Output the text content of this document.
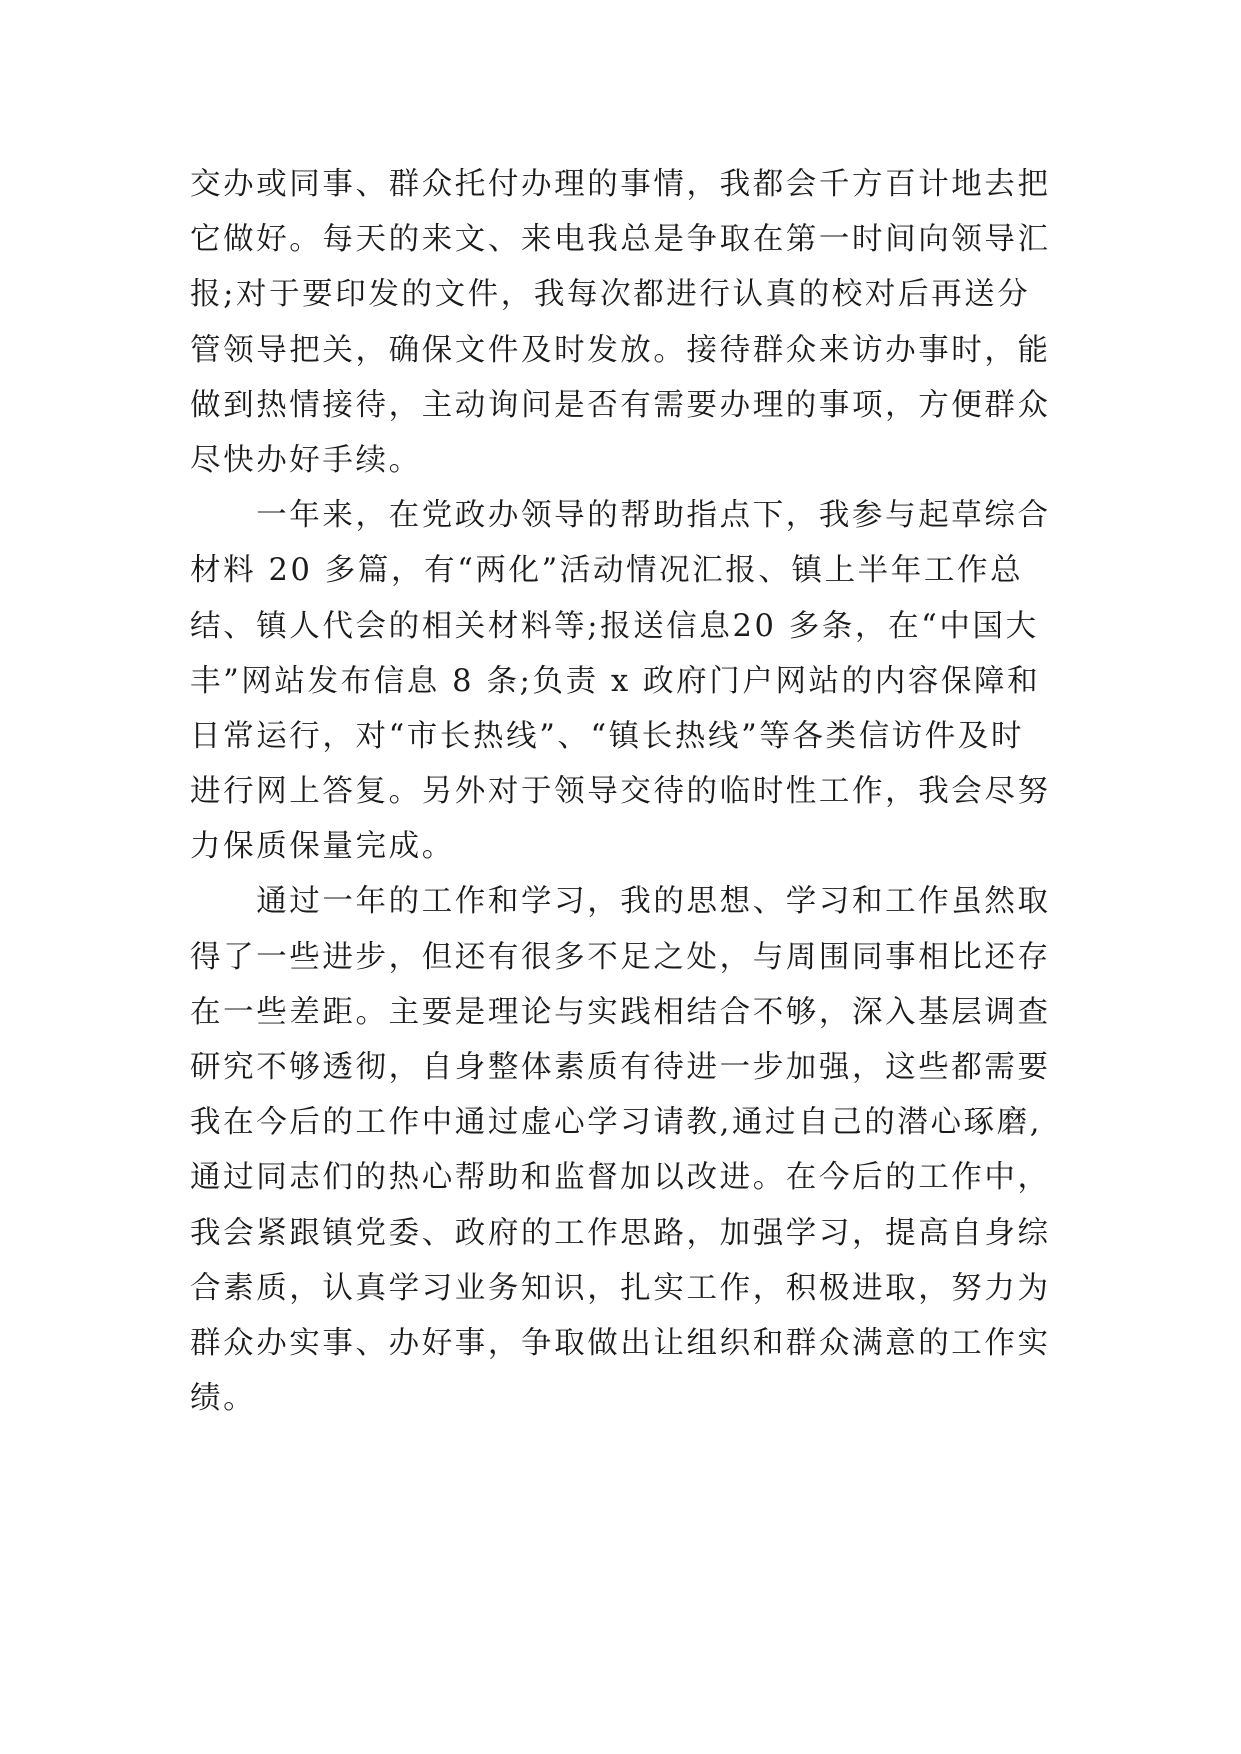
交办或同事、群众托付办理的事情，我都会千方百计地去把
它做好。每天的来文、来电我总是争取在第一时间向领导汇
报;对于要印发的文件，我每次都进行认真的校对后再送分
管领导把关，确保文件及时发放。接待群众来访办事时，能
做到热情接待，主动询问是否有需要办理的事项，方便群众
尽快办好手续。
　　一年来，在党政办领导的帮助指点下，我参与起草综合
材料 20 多篇，有“两化”活动情况汇报、镇上半年工作总
结、镇人代会的相关材料等;报送信息20 多条，在“中国大
丰”网站发布信息 8 条;负责 x 政府门户网站的内容保障和
日常运行，对“市长热线”、“镇长热线”等各类信访件及时
进行网上答复。另外对于领导交待的临时性工作，我会尽努
力保质保量完成。
　　通过一年的工作和学习，我的思想、学习和工作虽然取
得了一些进步，但还有很多不足之处，与周围同事相比还存
在一些差距。主要是理论与实践相结合不够，深入基层调查
研究不够透彻，自身整体素质有待进一步加强，这些都需要
我在今后的工作中通过虚心学习请教,通过自己的潜心琢磨,
通过同志们的热心帮助和监督加以改进。在今后的工作中，
我会紧跟镇党委、政府的工作思路，加强学习，提高自身综
合素质，认真学习业务知识，扎实工作，积极进取，努力为
群众办实事、办好事，争取做出让组织和群众满意的工作实
绩。
